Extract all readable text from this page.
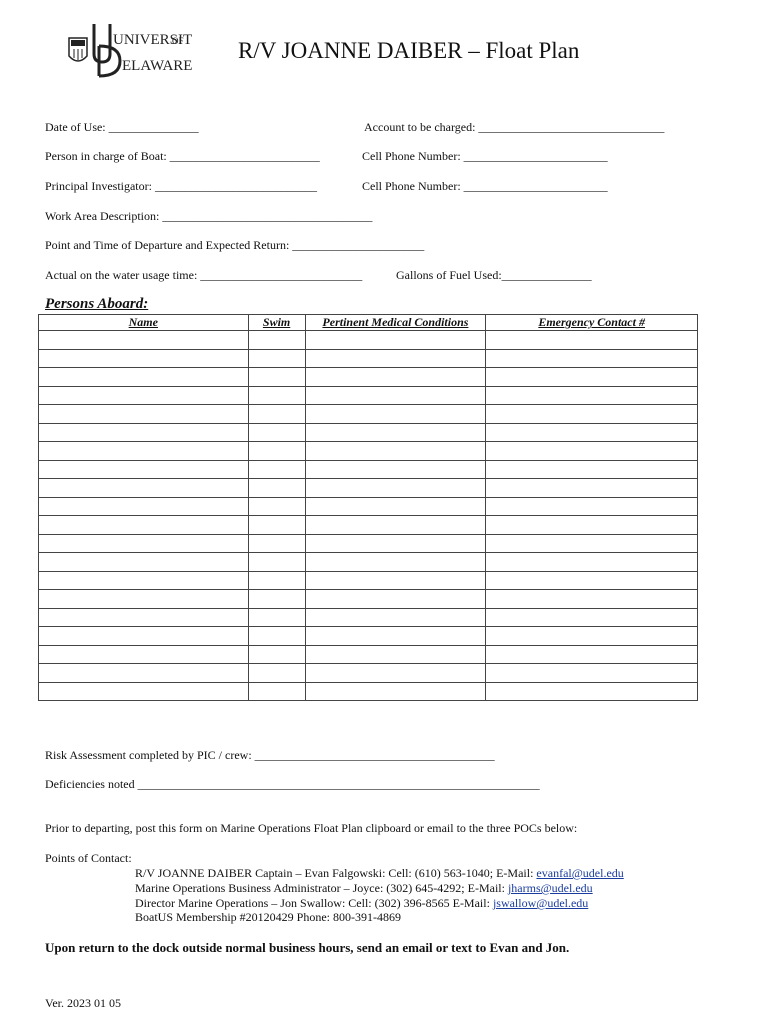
UNIVERSIT
OF
ELAWARE.
R/V JOANNE DAIBER – Float Plan
Date of Use: _______________	Account to be charged: _______________________________
Person in charge of Boat: _________________________	Cell Phone Number: ________________________
Principal Investigator: ___________________________	Cell Phone Number: ________________________
Work Area Description: ___________________________________
Point and Time of Departure and Expected Return: ______________________
Actual on the water usage time: ___________________________	Gallons of Fuel Used:_______________
Persons Aboard:
Name	Swim	Pertinent Medical Conditions	Emergency Contact #

Risk Assessment completed by PIC / crew: ________________________________________
Deficiencies noted ___________________________________________________________________
Prior to departing, post this form on Marine Operations Float Plan clipboard or email to the three POCs below:
Points of Contact:
R/V JOANNE DAIBER Captain – Evan Falgowski: Cell: (610) 563-1040; E-Mail: evanfal@udel.edu
Marine Operations Business Administrator – Joyce: (302) 645-4292; E-Mail: jharms@udel.edu
Director Marine Operations – Jon Swallow: Cell: (302) 396-8565 E-Mail: jswallow@udel.edu
BoatUS Membership #20120429 Phone: 800-391-4869
Upon return to the dock outside normal business hours, send an email or text to Evan and Jon.
Ver. 2023 01 05
